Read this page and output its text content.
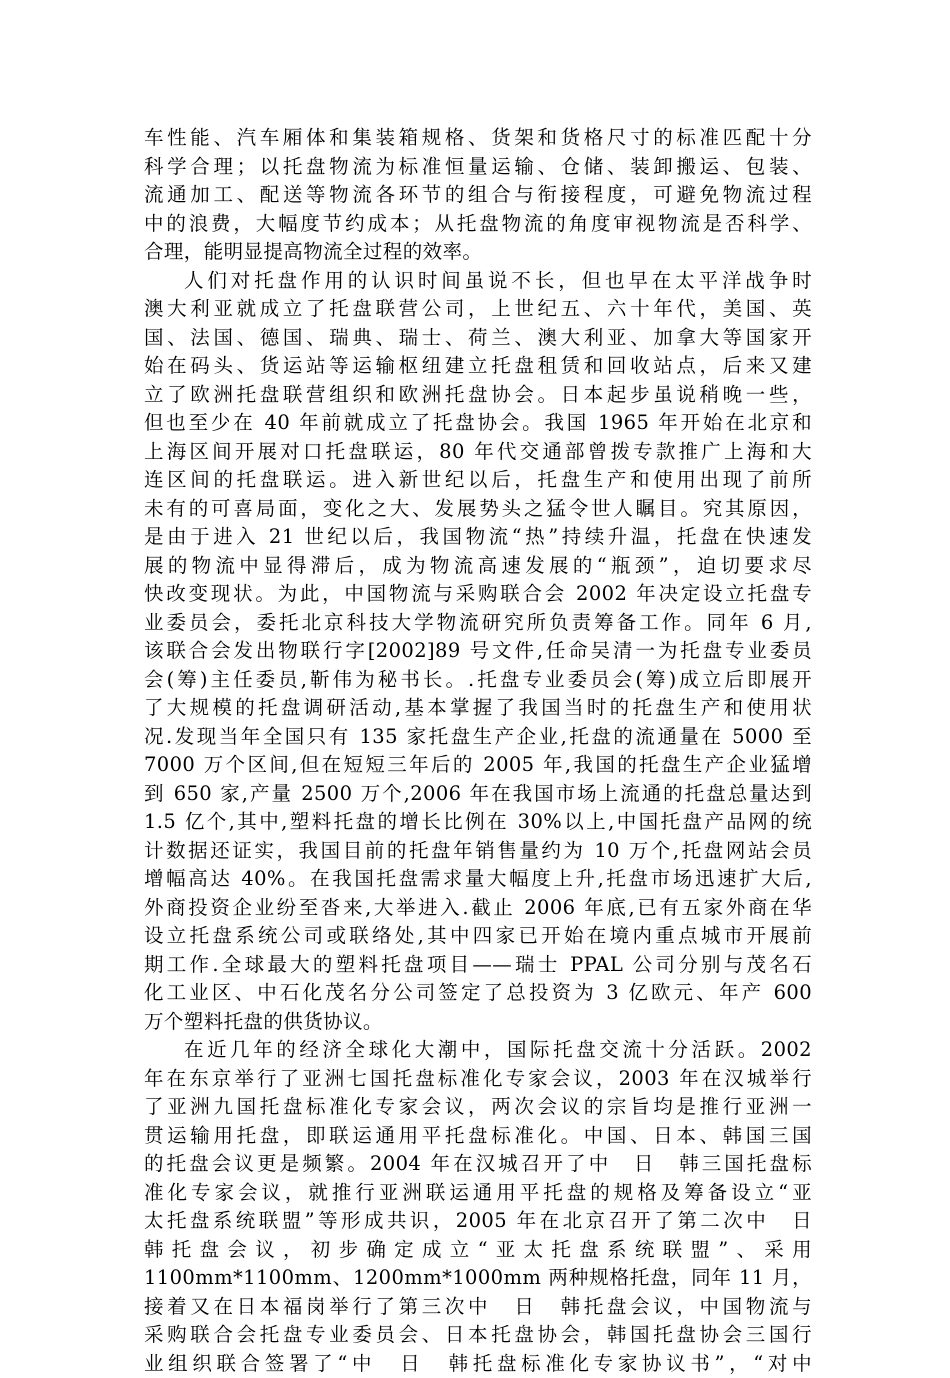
车性能、汽车厢体和集装箱规格、货架和货格尺寸的标准匹配十分
科学合理；以托盘物流为标准恒量运输、仓储、装卸搬运、包装、
流通加工、配送等物流各环节的组合与衔接程度，可避免物流过程
中的浪费，大幅度节约成本；从托盘物流的角度审视物流是否科学、
合理，能明显提高物流全过程的效率。
人们对托盘作用的认识时间虽说不长，但也早在太平洋战争时
澳大利亚就成立了托盘联营公司，上世纪五、六十年代，美国、英
国、法国、德国、瑞典、瑞士、荷兰、澳大利亚、加拿大等国家开
始在码头、货运站等运输枢纽建立托盘租赁和回收站点，后来又建
立了欧洲托盘联营组织和欧洲托盘协会。日本起步虽说稍晚一些，
但也至少在 40 年前就成立了托盘协会。我国 1965 年开始在北京和
上海区间开展对口托盘联运，80 年代交通部曾拨专款推广上海和大
连区间的托盘联运。进入新世纪以后，托盘生产和使用出现了前所
未有的可喜局面，变化之大、发展势头之猛令世人瞩目。究其原因，
是由于进入 21 世纪以后，我国物流“热”持续升温，托盘在快速发
展的物流中显得滞后，成为物流高速发展的“瓶颈”，迫切要求尽
快改变现状。为此，中国物流与采购联合会 2002 年决定设立托盘专
业委员会，委托北京科技大学物流研究所负责筹备工作。同年 6 月,
该联合会发出物联行字[2002]89 号文件,任命吴清一为托盘专业委员
会(筹)主任委员,靳伟为秘书长。.托盘专业委员会(筹)成立后即展开
了大规模的托盘调研活动,基本掌握了我国当时的托盘生产和使用状
况.发现当年全国只有 135 家托盘生产企业,托盘的流通量在 5000 至
7000 万个区间,但在短短三年后的 2005 年,我国的托盘生产企业猛增
到 650 家,产量 2500 万个,2006 年在我国市场上流通的托盘总量达到
1.5 亿个,其中,塑料托盘的增长比例在 30%以上,中国托盘产品网的统
计数据还证实，我国目前的托盘年销售量约为 10 万个,托盘网站会员
增幅高达 40%。在我国托盘需求量大幅度上升,托盘市场迅速扩大后,
外商投资企业纷至沓来,大举进入.截止 2006 年底,已有五家外商在华
设立托盘系统公司或联络处,其中四家已开始在境内重点城市开展前
期工作.全球最大的塑料托盘项目——瑞士 PPAL 公司分别与茂名石
化工业区、中石化茂名分公司签定了总投资为 3 亿欧元、年产 600
万个塑料托盘的供货协议。
在近几年的经济全球化大潮中，国际托盘交流十分活跃。2002
年在东京举行了亚洲七国托盘标准化专家会议，2003 年在汉城举行
了亚洲九国托盘标准化专家会议，两次会议的宗旨均是推行亚洲一
贯运输用托盘，即联运通用平托盘标准化。中国、日本、韩国三国
的托盘会议更是频繁。2004 年在汉城召开了中　日　韩三国托盘标
准化专家会议，就推行亚洲联运通用平托盘的规格及筹备设立“亚
太托盘系统联盟”等形成共识，2005 年在北京召开了第二次中　日
韩托盘会议，初步确定成立“亚太托盘系统联盟”、采用
1100mm*1100mm、1200mm*1000mm 两种规格托盘，同年 11 月，
接着又在日本福岗举行了第三次中　日　韩托盘会议，中国物流与
采购联合会托盘专业委员会、日本托盘协会，韩国托盘协会三国行
业组织联合签署了“中　日　韩托盘标准化专家协议书”，“对中
